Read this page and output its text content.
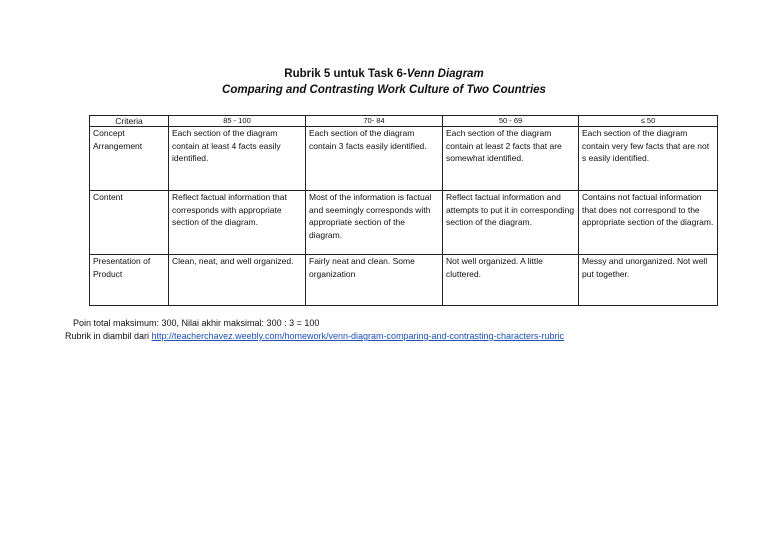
Rubrik 5 untuk Task 6-Venn Diagram
Comparing and Contrasting Work Culture of Two Countries
Criteria	85 - 100	70- 84	50 - 69	≤ 50
Concept Arrangement	Each section of the diagram contain at least 4 facts easily identified.	Each section of the diagram contain 3 facts easily identified.	Each section of the diagram contain at least 2 facts that are somewhat identified.	Each section of the diagram contain very few facts that are not s easily identified.
Content	Reflect factual information that corresponds with appropriate section of the diagram.	Most of the information is factual and seemingly corresponds with appropriate section of the diagram.	Reflect factual information and attempts to put it in corresponding section of the diagram.	Contains not factual information that does not correspond to the appropriate section of the diagram.
Presentation of Product	Clean, neat, and well organized.	Fairly neat and clean. Some organization	Not well organized. A little cluttered.	Messy and unorganized. Not well put together.
Poin total maksimum: 300, Nilai akhir maksimal: 300 : 3 = 100
Rubrik in diambil dari http://teacherchavez.weebly.com/homework/venn-diagram-comparing-and-contrasting-characters-rubric
